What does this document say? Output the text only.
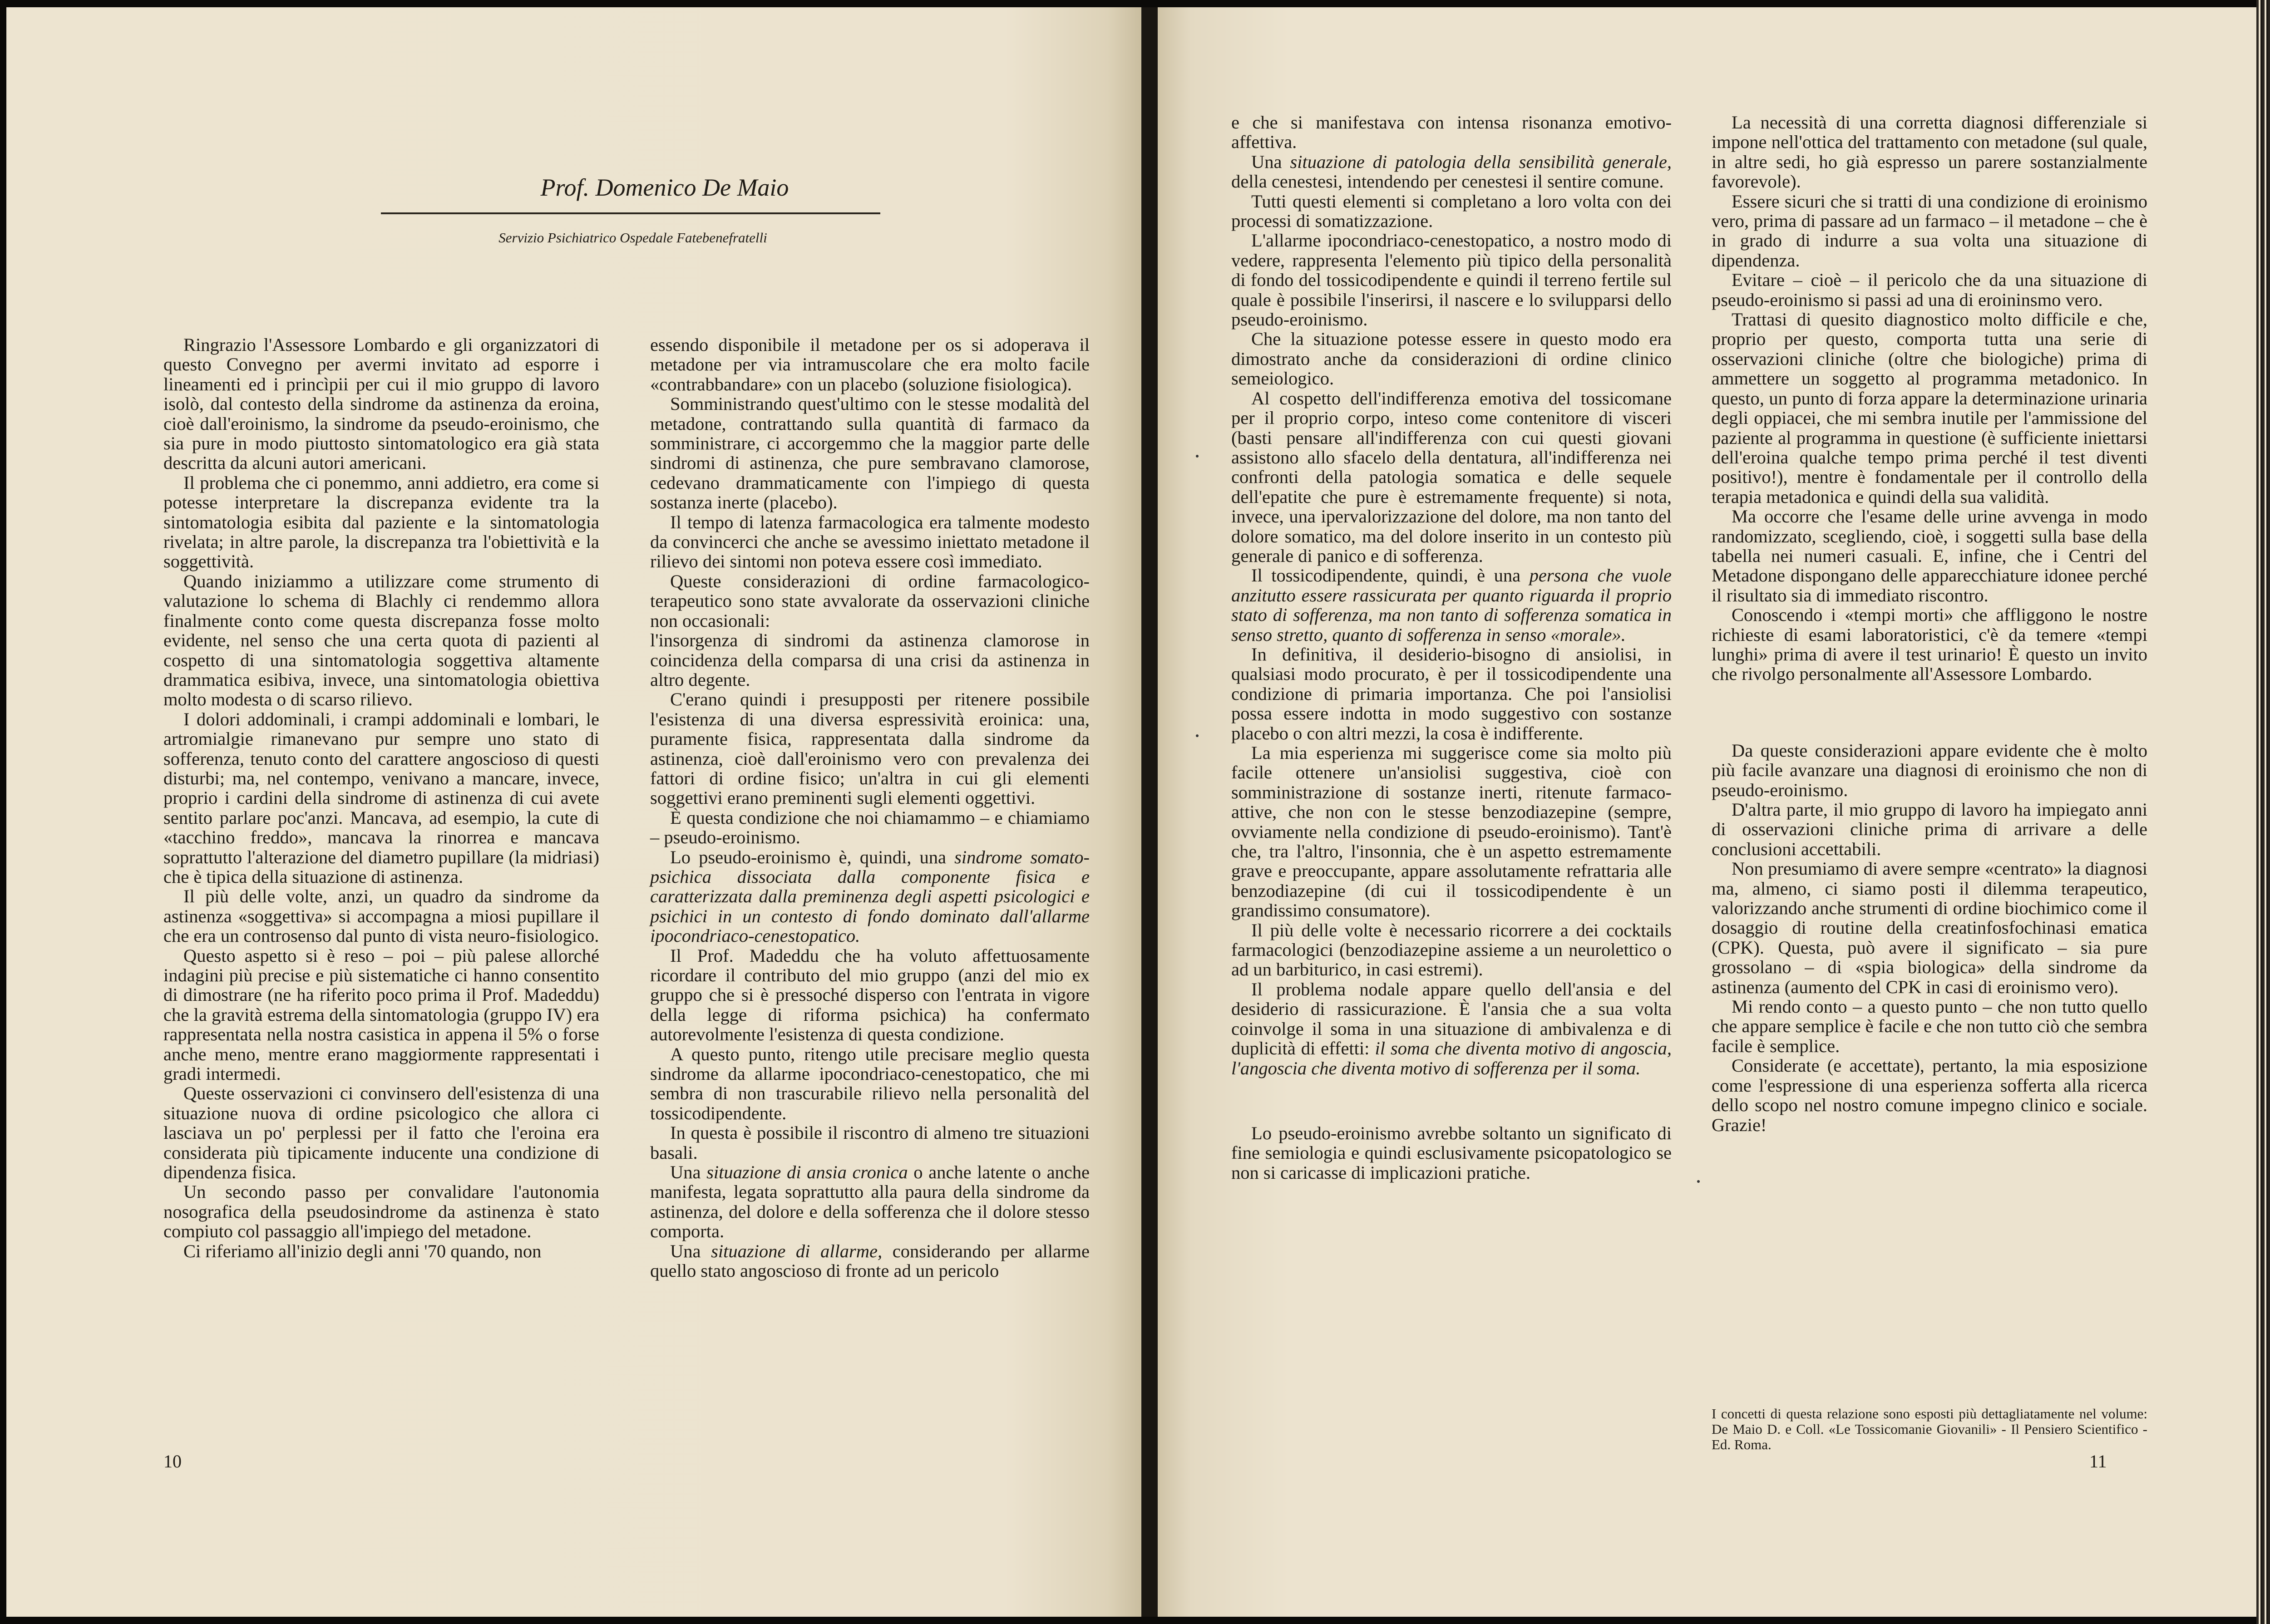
Prof. Domenico De Maio
Servizio Psichiatrico Ospedale Fatebenefratelli

Ringrazio l'Assessore Lombardo e gli organizzatori di questo Convegno per avermi invitato ad esporre i lineamenti ed i princìpii per cui il mio gruppo di lavoro isolò, dal contesto della sindrome da astinenza da eroina, cioè dall'eroinismo, la sindrome da pseudo-eroinismo, che sia pure in modo piuttosto sintomatologico era già stata descritta da alcuni autori americani.

Il problema che ci ponemmo, anni addietro, era come si potesse interpretare la discrepanza evidente tra la sintomatologia esibita dal paziente e la sintomatologia rivelata; in altre parole, la discrepanza tra l'obiettività e la soggettività.

Quando iniziammo a utilizzare come strumento di valutazione lo schema di Blachly ci rendemmo allora finalmente conto come questa discrepanza fosse molto evidente, nel senso che una certa quota di pazienti al cospetto di una sintomatologia soggettiva altamente drammatica esibiva, invece, una sintomatologia obiettiva molto modesta o di scarso rilievo.

I dolori addominali, i crampi addominali e lombari, le artromialgie rimanevano pur sempre uno stato di sofferenza, tenuto conto del carattere angoscioso di questi disturbi; ma, nel contempo, venivano a mancare, invece, proprio i cardini della sindrome di astinenza di cui avete sentito parlare poc'anzi. Mancava, ad esempio, la cute di «tacchino freddo», mancava la rinorrea e mancava soprattutto l'alterazione del diametro pupillare (la midriasi) che è tipica della situazione di astinenza.

Il più delle volte, anzi, un quadro da sindrome da astinenza «soggettiva» si accompagna a miosi pupillare il che era un controsenso dal punto di vista neuro-fisiologico.

Questo aspetto si è reso – poi – più palese allorché indagini più precise e più sistematiche ci hanno consentito di dimostrare (ne ha riferito poco prima il Prof. Madeddu) che la gravità estrema della sintomatologia (gruppo IV) era rappresentata nella nostra casistica in appena il 5% o forse anche meno, mentre erano maggiormente rappresentati i gradi intermedi.

Queste osservazioni ci convinsero dell'esistenza di una situazione nuova di ordine psicologico che allora ci lasciava un po' perplessi per il fatto che l'eroina era considerata più tipicamente inducente una condizione di dipendenza fisica.

Un secondo passo per convalidare l'autonomia nosografica della pseudosindrome da astinenza è stato compiuto col passaggio all'impiego del metadone.

Ci riferiamo all'inizio degli anni '70 quando, non

essendo disponibile il metadone per os si adoperava il metadone per via intramuscolare che era molto facile «contrabbandare» con un placebo (soluzione fisiologica).

Somministrando quest'ultimo con le stesse modalità del metadone, contrattando sulla quantità di farmaco da somministrare, ci accorgemmo che la maggior parte delle sindromi di astinenza, che pure sembravano clamorose, cedevano drammaticamente con l'impiego di questa sostanza inerte (placebo).

Il tempo di latenza farmacologica era talmente modesto da convincerci che anche se avessimo iniettato metadone il rilievo dei sintomi non poteva essere così immediato.

Queste considerazioni di ordine farmacologico-terapeutico sono state avvalorate da osservazioni cliniche non occasionali:

l'insorgenza di sindromi da astinenza clamorose in coincidenza della comparsa di una crisi da astinenza in altro degente.

C'erano quindi i presupposti per ritenere possibile l'esistenza di una diversa espressività eroinica: una, puramente fisica, rappresentata dalla sindrome da astinenza, cioè dall'eroinismo vero con prevalenza dei fattori di ordine fisico; un'altra in cui gli elementi soggettivi erano preminenti sugli elementi oggettivi.

È questa condizione che noi chiamammo – e chiamiamo – pseudo-eroinismo.

Lo pseudo-eroinismo è, quindi, una sindrome somato-psichica dissociata dalla componente fisica e caratterizzata dalla preminenza degli aspetti psicologici e psichici in un contesto di fondo dominato dall'allarme ipocondriaco-cenestopatico.

Il Prof. Madeddu che ha voluto affettuosamente ricordare il contributo del mio gruppo (anzi del mio ex gruppo che si è pressoché disperso con l'entrata in vigore della legge di riforma psichica) ha confermato autorevolmente l'esistenza di questa condizione.

A questo punto, ritengo utile precisare meglio questa sindrome da allarme ipocondriaco-cenestopatico, che mi sembra di non trascurabile rilievo nella personalità del tossicodipendente.

In questa è possibile il riscontro di almeno tre situazioni basali.

Una situazione di ansia cronica o anche latente o anche manifesta, legata soprattutto alla paura della sindrome da astinenza, del dolore e della sofferenza che il dolore stesso comporta.

Una situazione di allarme, considerando per allarme quello stato angoscioso di fronte ad un pericolo

e che si manifestava con intensa risonanza emotivo-affettiva.

Una situazione di patologia della sensibilità generale, della cenestesi, intendendo per cenestesi il sentire comune.

Tutti questi elementi si completano a loro volta con dei processi di somatizzazione.

L'allarme ipocondriaco-cenestopatico, a nostro modo di vedere, rappresenta l'elemento più tipico della personalità di fondo del tossicodipendente e quindi il terreno fertile sul quale è possibile l'inserirsi, il nascere e lo svilupparsi dello pseudo-eroinismo.

Che la situazione potesse essere in questo modo era dimostrato anche da considerazioni di ordine clinico semeiologico.

Al cospetto dell'indifferenza emotiva del tossicomane per il proprio corpo, inteso come contenitore di visceri (basti pensare all'indifferenza con cui questi giovani assistono allo sfacelo della dentatura, all'indifferenza nei confronti della patologia somatica e delle sequele dell'epatite che pure è estremamente frequente) si nota, invece, una ipervalorizzazione del dolore, ma non tanto del dolore somatico, ma del dolore inserito in un contesto più generale di panico e di sofferenza.

Il tossicodipendente, quindi, è una persona che vuole anzitutto essere rassicurata per quanto riguarda il proprio stato di sofferenza, ma non tanto di sofferenza somatica in senso stretto, quanto di sofferenza in senso «morale».

In definitiva, il desiderio-bisogno di ansiolisi, in qualsiasi modo procurato, è per il tossicodipendente una condizione di primaria importanza. Che poi l'ansiolisi possa essere indotta in modo suggestivo con sostanze placebo o con altri mezzi, la cosa è indifferente.

La mia esperienza mi suggerisce come sia molto più facile ottenere un'ansiolisi suggestiva, cioè con somministrazione di sostanze inerti, ritenute farmaco-attive, che non con le stesse benzodiazepine (sempre, ovviamente nella condizione di pseudo-eroinismo). Tant'è che, tra l'altro, l'insonnia, che è un aspetto estremamente grave e preoccupante, appare assolutamente refrattaria alle benzodiazepine (di cui il tossicodipendente è un grandissimo consumatore).

Il più delle volte è necessario ricorrere a dei cocktails farmacologici (benzodiazepine assieme a un neurolettico o ad un barbiturico, in casi estremi).

Il problema nodale appare quello dell'ansia e del desiderio di rassicurazione. È l'ansia che a sua volta coinvolge il soma in una situazione di ambivalenza e di duplicità di effetti: il soma che diventa motivo di angoscia, l'angoscia che diventa motivo di sofferenza per il soma.

Lo pseudo-eroinismo avrebbe soltanto un significato di fine semiologia e quindi esclusivamente psicopatologico se non si caricasse di implicazioni pratiche.

La necessità di una corretta diagnosi differenziale si impone nell'ottica del trattamento con metadone (sul quale, in altre sedi, ho già espresso un parere sostanzialmente favorevole).

Essere sicuri che si tratti di una condizione di eroinismo vero, prima di passare ad un farmaco – il metadone – che è in grado di indurre a sua volta una situazione di dipendenza.

Evitare – cioè – il pericolo che da una situazione di pseudo-eroinismo si passi ad una di eroininsmo vero.

Trattasi di quesito diagnostico molto difficile e che, proprio per questo, comporta tutta una serie di osservazioni cliniche (oltre che biologiche) prima di ammettere un soggetto al programma metadonico. In questo, un punto di forza appare la determinazione urinaria degli oppiacei, che mi sembra inutile per l'ammissione del paziente al programma in questione (è sufficiente iniettarsi dell'eroina qualche tempo prima perché il test diventi positivo!), mentre è fondamentale per il controllo della terapia metadonica e quindi della sua validità.

Ma occorre che l'esame delle urine avvenga in modo randomizzato, scegliendo, cioè, i soggetti sulla base della tabella nei numeri casuali. E, infine, che i Centri del Metadone dispongano delle apparecchiature idonee perché il risultato sia di immediato riscontro.

Conoscendo i «tempi morti» che affliggono le nostre richieste di esami laboratoristici, c'è da temere «tempi lunghi» prima di avere il test urinario! È questo un invito che rivolgo personalmente all'Assessore Lombardo.

Da queste considerazioni appare evidente che è molto più facile avanzare una diagnosi di eroinismo che non di pseudo-eroinismo.

D'altra parte, il mio gruppo di lavoro ha impiegato anni di osservazioni cliniche prima di arrivare a delle conclusioni accettabili.

Non presumiamo di avere sempre «centrato» la diagnosi ma, almeno, ci siamo posti il dilemma terapeutico, valorizzando anche strumenti di ordine biochimico come il dosaggio di routine della creatinfosfochinasi ematica (CPK). Questa, può avere il significato – sia pure grossolano – di «spia biologica» della sindrome da astinenza (aumento del CPK in casi di eroinismo vero).

Mi rendo conto – a questo punto – che non tutto quello che appare semplice è facile e che non tutto ciò che sembra facile è semplice.

Considerate (e accettate), pertanto, la mia esposizione come l'espressione di una esperienza sofferta alla ricerca dello scopo nel nostro comune impegno clinico e sociale. Grazie!

I concetti di questa relazione sono esposti più dettagliatamente nel volume: De Maio D. e Coll. «Le Tossicomanie Giovanili» - Il Pensiero Scientifico - Ed. Roma.
10	11
